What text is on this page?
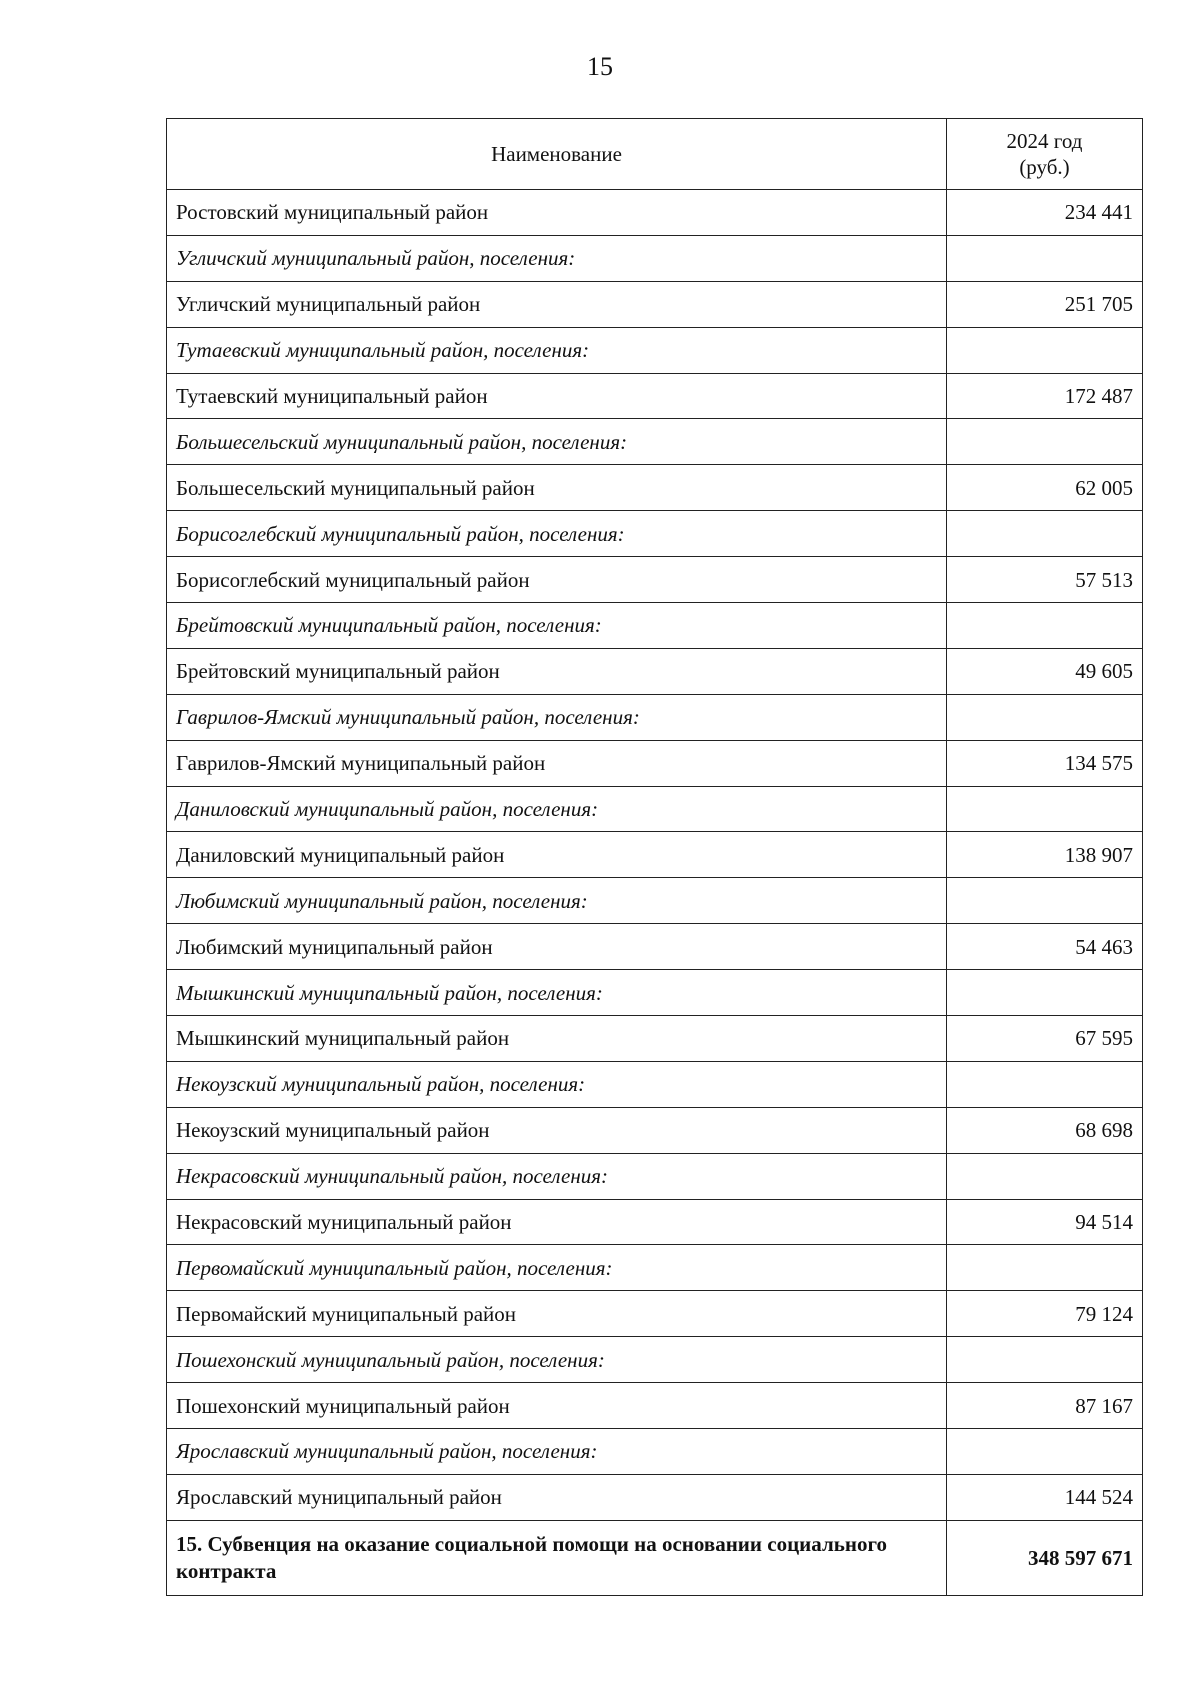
15
Наименование	2024 год
(руб.)

Ростовский муниципальный район	234 441
Угличский муниципальный район, поселения:	
Угличский муниципальный район	251 705
Тутаевский муниципальный район, поселения:	
Тутаевский муниципальный район	172 487
Большесельский муниципальный район, поселения:	
Большесельский муниципальный район	62 005
Борисоглебский муниципальный район, поселения:	
Борисоглебский муниципальный район	57 513
Брейтовский муниципальный район, поселения:	
Брейтовский муниципальный район	49 605
Гаврилов-Ямский муниципальный район, поселения:	
Гаврилов-Ямский муниципальный район	134 575
Даниловский муниципальный район, поселения:	
Даниловский муниципальный район	138 907
Любимский муниципальный район, поселения:	
Любимский муниципальный район	54 463
Мышкинский муниципальный район, поселения:	
Мышкинский муниципальный район	67 595
Некоузский муниципальный район, поселения:	
Некоузский муниципальный район	68 698
Некрасовский муниципальный район, поселения:	
Некрасовский муниципальный район	94 514
Первомайский муниципальный район, поселения:	
Первомайский муниципальный район	79 124
Пошехонский муниципальный район, поселения:	
Пошехонский муниципальный район	87 167
Ярославский муниципальный район, поселения:	
Ярославский муниципальный район	144 524
15. Субвенция на оказание социальной помощи на основании социального контракта	348 597 671
